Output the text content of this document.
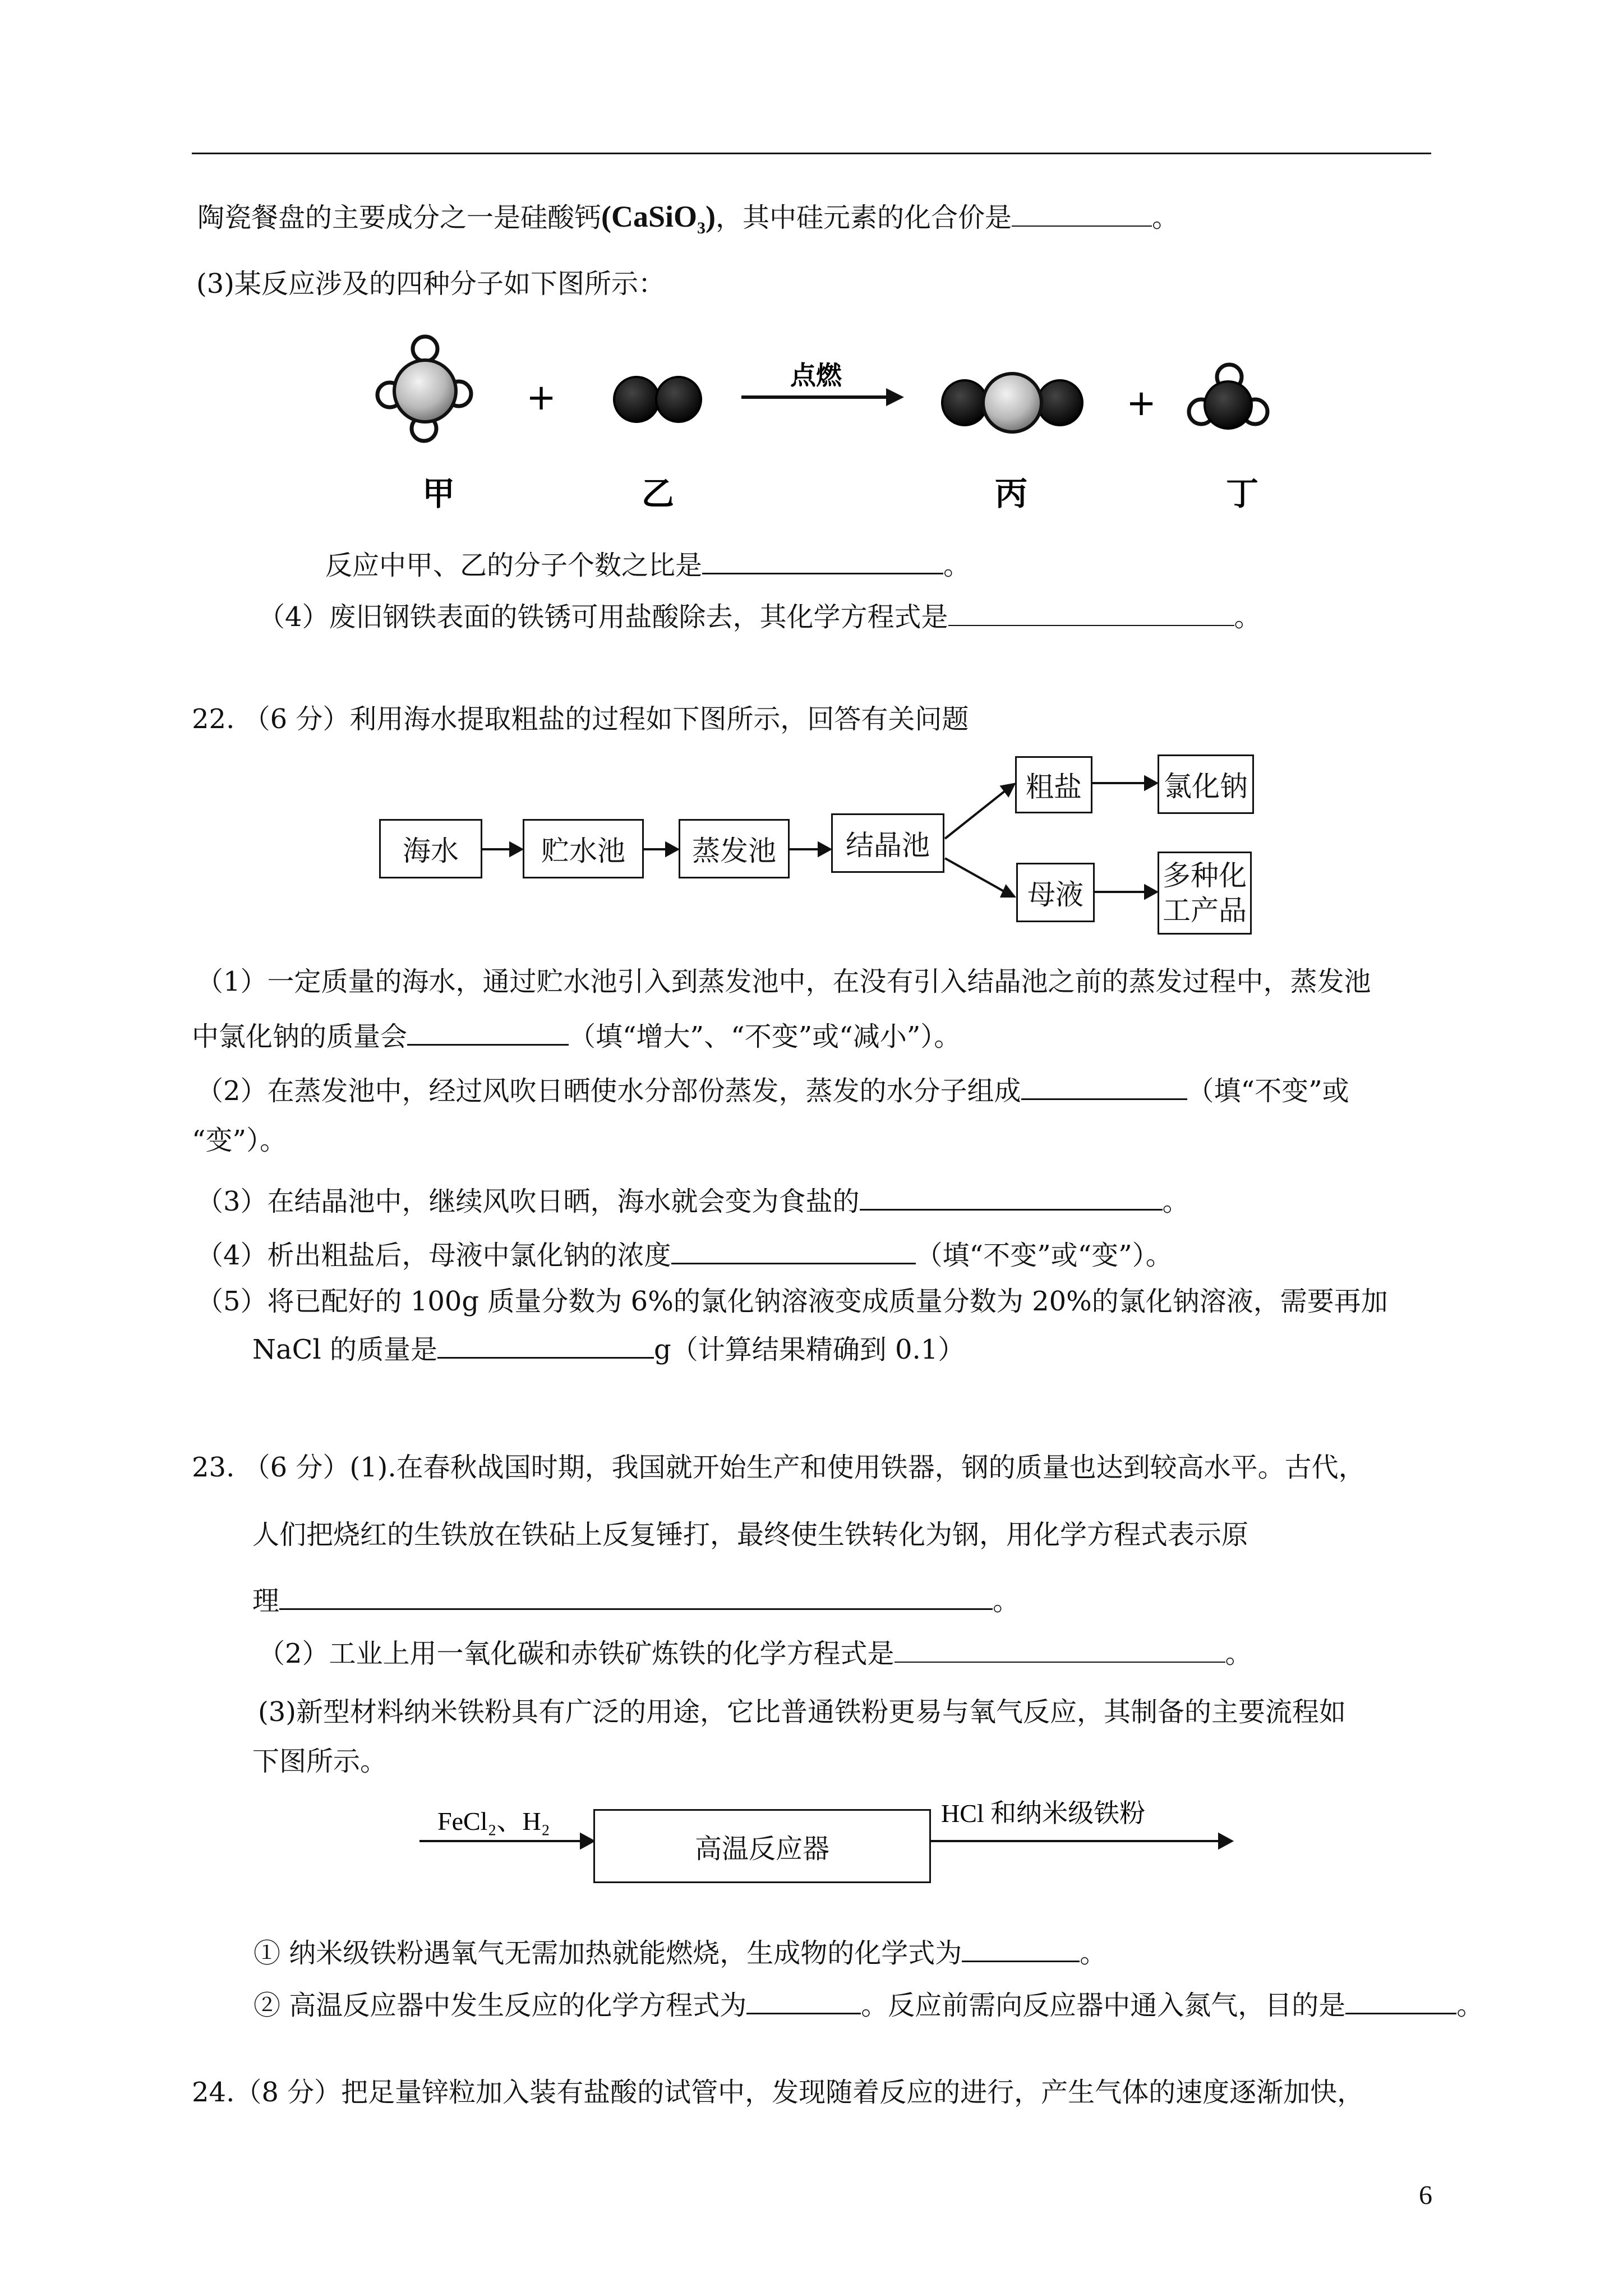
陶瓷餐盘的主要成分之一是硅酸钙(CaSiO$_3$)，其中硅元素的化合价是	。
(3)某反应涉及的四种分子如下图所示：
+
点燃
+
甲	乙	丙	丁
FeCl₂、H₂	HCl 和纳米级铁粉
反应中甲、乙的分子个数之比是	。
（4）废旧钢铁表面的铁锈可用盐酸除去，其化学方程式是	。
22. （6 分）利用海水提取粗盐的过程如下图所示，回答有关问题
海水	贮水池	蒸发池	结晶池
粗盐	氯化钠
母液
多种化
工产品
（1）一定质量的海水，通过贮水池引入到蒸发池中，在没有引入结晶池之前的蒸发过程中，蒸发池
中氯化钠的质量会	（填“增大”、“不变”或“减小”）。
（2）在蒸发池中，经过风吹日晒使水分部份蒸发，蒸发的水分子组成	（填“不变”或
“变”）。
（3）在结晶池中，继续风吹日晒，海水就会变为食盐的	。
（4）析出粗盐后，母液中氯化钠的浓度	（填“不变”或“变”）。
（5）将已配好的 100g 质量分数为 6%的氯化钠溶液变成质量分数为 20%的氯化钠溶液，需要再加
NaCl 的质量是	g（计算结果精确到 0.1）
23. （6 分）(1).在春秋战国时期，我国就开始生产和使用铁器，钢的质量也达到较高水平。古代，
人们把烧红的生铁放在铁砧上反复锤打，最终使生铁转化为钢，用化学方程式表示原
理	。
（2）工业上用一氧化碳和赤铁矿炼铁的化学方程式是	。
(3)新型材料纳米铁粉具有广泛的用途，它比普通铁粉更易与氧气反应，其制备的主要流程如
下图所示。
高温反应器
① 纳米级铁粉遇氧气无需加热就能燃烧，生成物的化学式为	。
② 高温反应器中发生反应的化学方程式为	。反应前需向反应器中通入氮气，目的是	。
24.（8 分）把足量锌粒加入装有盐酸的试管中，发现随着反应的进行，产生气体的速度逐渐加快，
6
